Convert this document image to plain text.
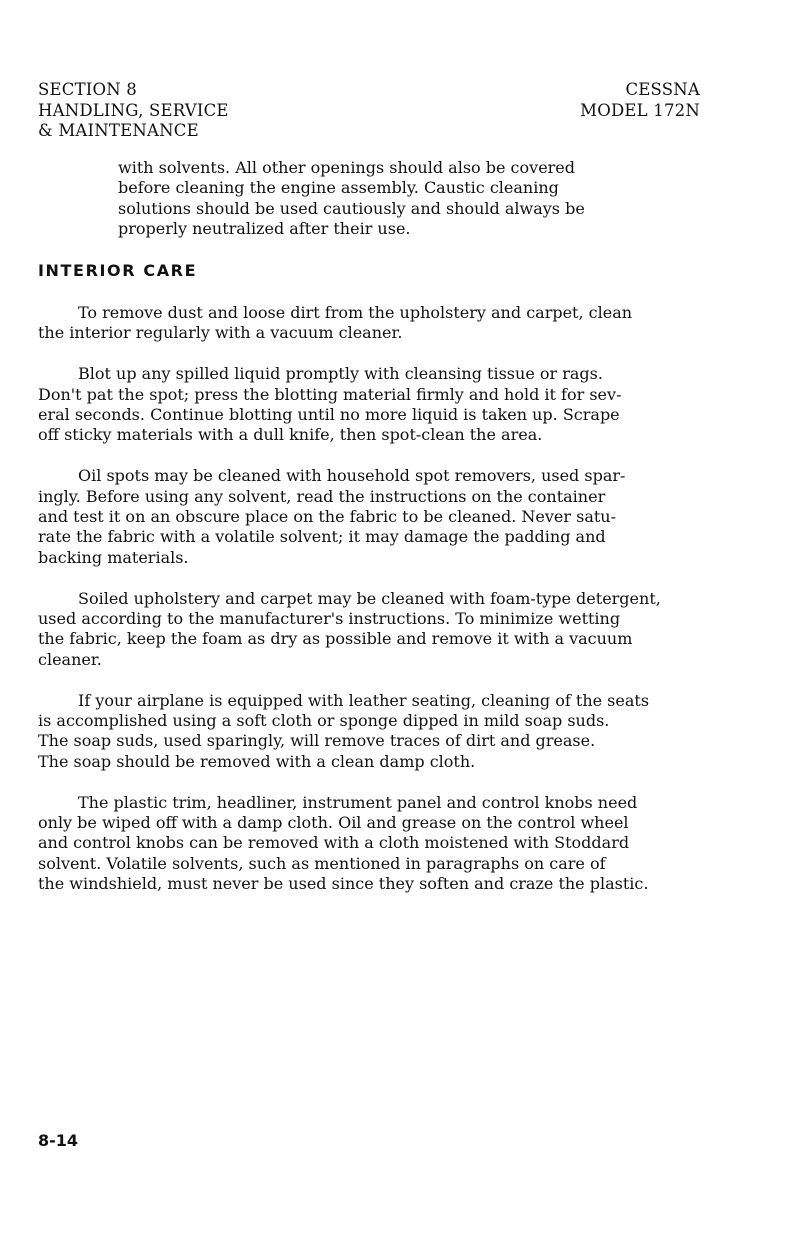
SECTION 8
HANDLING, SERVICE
& MAINTENANCE
CESSNA
MODEL 172N
with solvents. All other openings should also be covered
before cleaning the engine assembly. Caustic cleaning
solutions should be used cautiously and should always be
properly neutralized after their use.
INTERIOR CARE
To remove dust and loose dirt from the upholstery and carpet, clean
the interior regularly with a vacuum cleaner.
Blot up any spilled liquid promptly with cleansing tissue or rags.
Don't pat the spot; press the blotting material firmly and hold it for sev-
eral seconds. Continue blotting until no more liquid is taken up. Scrape
off sticky materials with a dull knife, then spot-clean the area.
Oil spots may be cleaned with household spot removers, used spar-
ingly. Before using any solvent, read the instructions on the container
and test it on an obscure place on the fabric to be cleaned. Never satu-
rate the fabric with a volatile solvent; it may damage the padding and
backing materials.
Soiled upholstery and carpet may be cleaned with foam-type detergent,
used according to the manufacturer's instructions. To minimize wetting
the fabric, keep the foam as dry as possible and remove it with a vacuum
cleaner.
If your airplane is equipped with leather seating, cleaning of the seats
is accomplished using a soft cloth or sponge dipped in mild soap suds.
The soap suds, used sparingly, will remove traces of dirt and grease.
The soap should be removed with a clean damp cloth.
The plastic trim, headliner, instrument panel and control knobs need
only be wiped off with a damp cloth. Oil and grease on the control wheel
and control knobs can be removed with a cloth moistened with Stoddard
solvent. Volatile solvents, such as mentioned in paragraphs on care of
the windshield, must never be used since they soften and craze the plastic.
8-14
